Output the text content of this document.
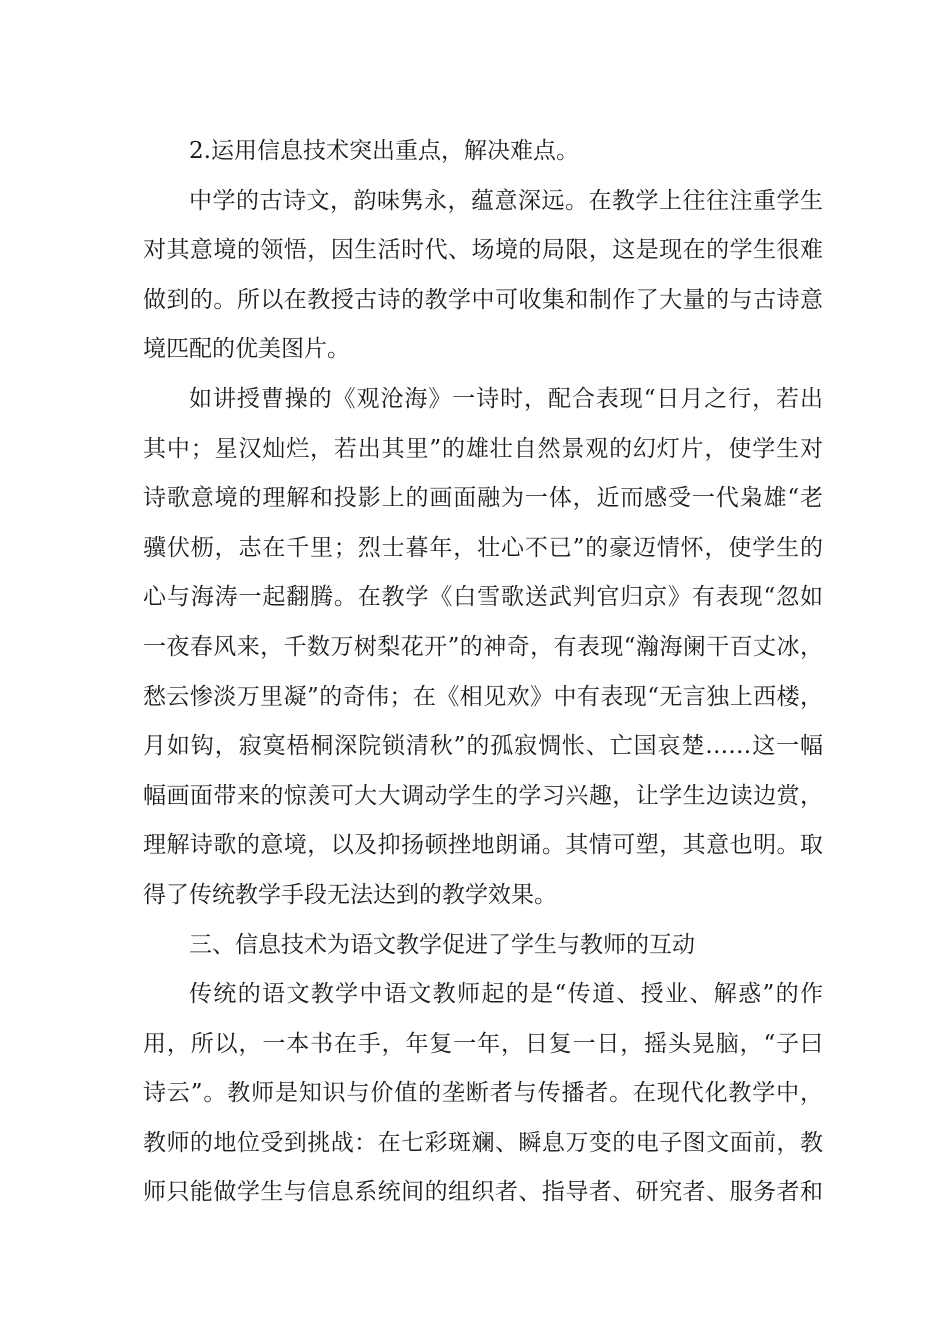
2.运用信息技术突出重点，解决难点。
中学的古诗文，韵味隽永，蕴意深远。在教学上往往注重学生
对其意境的领悟，因生活时代、场境的局限，这是现在的学生很难
做到的。所以在教授古诗的教学中可收集和制作了大量的与古诗意
境匹配的优美图片。
如讲授曹操的《观沧海》一诗时，配合表现“日月之行，若出
其中；星汉灿烂，若出其里”的雄壮自然景观的幻灯片，使学生对
诗歌意境的理解和投影上的画面融为一体，近而感受一代枭雄“老
骥伏枥，志在千里；烈士暮年，壮心不已”的豪迈情怀，使学生的
心与海涛一起翻腾。在教学《白雪歌送武判官归京》有表现“忽如
一夜春风来，千数万树梨花开”的神奇，有表现“瀚海阑干百丈冰，
愁云惨淡万里凝”的奇伟；在《相见欢》中有表现“无言独上西楼，
月如钩，寂寞梧桐深院锁清秋”的孤寂惆怅、亡国哀楚……这一幅
幅画面带来的惊羡可大大调动学生的学习兴趣，让学生边读边赏，
理解诗歌的意境，以及抑扬顿挫地朗诵。其情可塑，其意也明。取
得了传统教学手段无法达到的教学效果。
三、信息技术为语文教学促进了学生与教师的互动
传统的语文教学中语文教师起的是“传道、授业、解惑”的作
用，所以，一本书在手，年复一年，日复一日，摇头晃脑，“子曰
诗云”。教师是知识与价值的垄断者与传播者。在现代化教学中，
教师的地位受到挑战：在七彩斑斓、瞬息万变的电子图文面前，教
师只能做学生与信息系统间的组织者、指导者、研究者、服务者和
